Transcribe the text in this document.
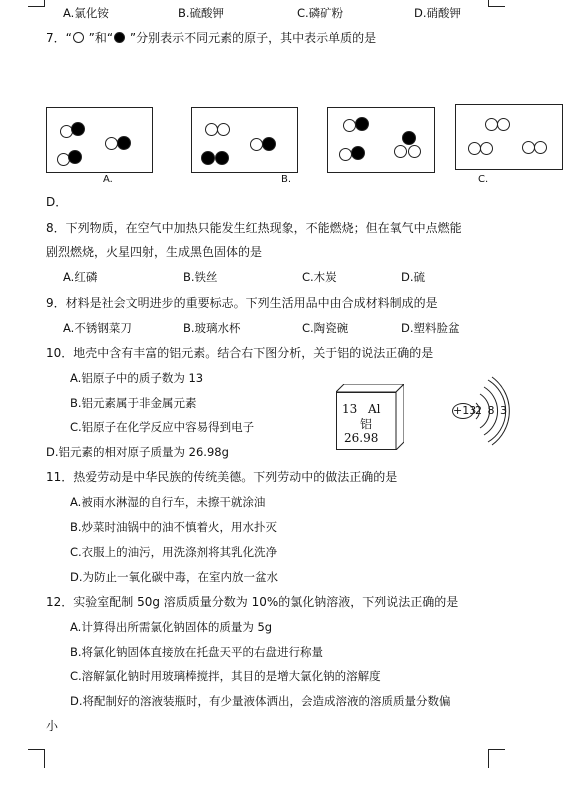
A.氯化铵	B.硫酸钾	C.磷矿粉	D.硝酸钾
7．“ ”和“ ”分别表示不同元素的原子，其中表示单质的是
A.	B.	C.
D．
8．下列物质，在空气中加热只能发生红热现象，不能燃烧；但在氧气中点燃能
剧烈燃烧，火星四射，生成黑色固体的是
A.红磷	B.铁丝	C.木炭	D.硫
9．材料是社会文明进步的重要标志。下列生活用品中由合成材料制成的是
A.不锈钢菜刀	B.玻璃水杯	C.陶瓷碗	D.塑料脸盆
10．地壳中含有丰富的铝元素。结合右下图分析，关于铝的说法正确的是
A.铝原子中的质子数为 13
B.铝元素属于非金属元素
C.铝原子在化学反应中容易得到电子
D.铝元素的相对原子质量为 26.98g
13 Al
铝
26.98
+13
2 8 3
11．热爱劳动是中华民族的传统美德。下列劳动中的做法正确的是
A.被雨水淋湿的自行车，未擦干就涂油
B.炒菜时油锅中的油不慎着火，用水扑灭
C.衣服上的油污，用洗涤剂将其乳化洗净
D.为防止一氧化碳中毒，在室内放一盆水
12．实验室配制 50g 溶质质量分数为 10%的氯化钠溶液，下列说法正确的是
A.计算得出所需氯化钠固体的质量为 5g
B.将氯化钠固体直接放在托盘天平的右盘进行称量
C.溶解氯化钠时用玻璃棒搅拌，其目的是增大氯化钠的溶解度
D.将配制好的溶液装瓶时，有少量液体洒出，会造成溶液的溶质质量分数偏
小
